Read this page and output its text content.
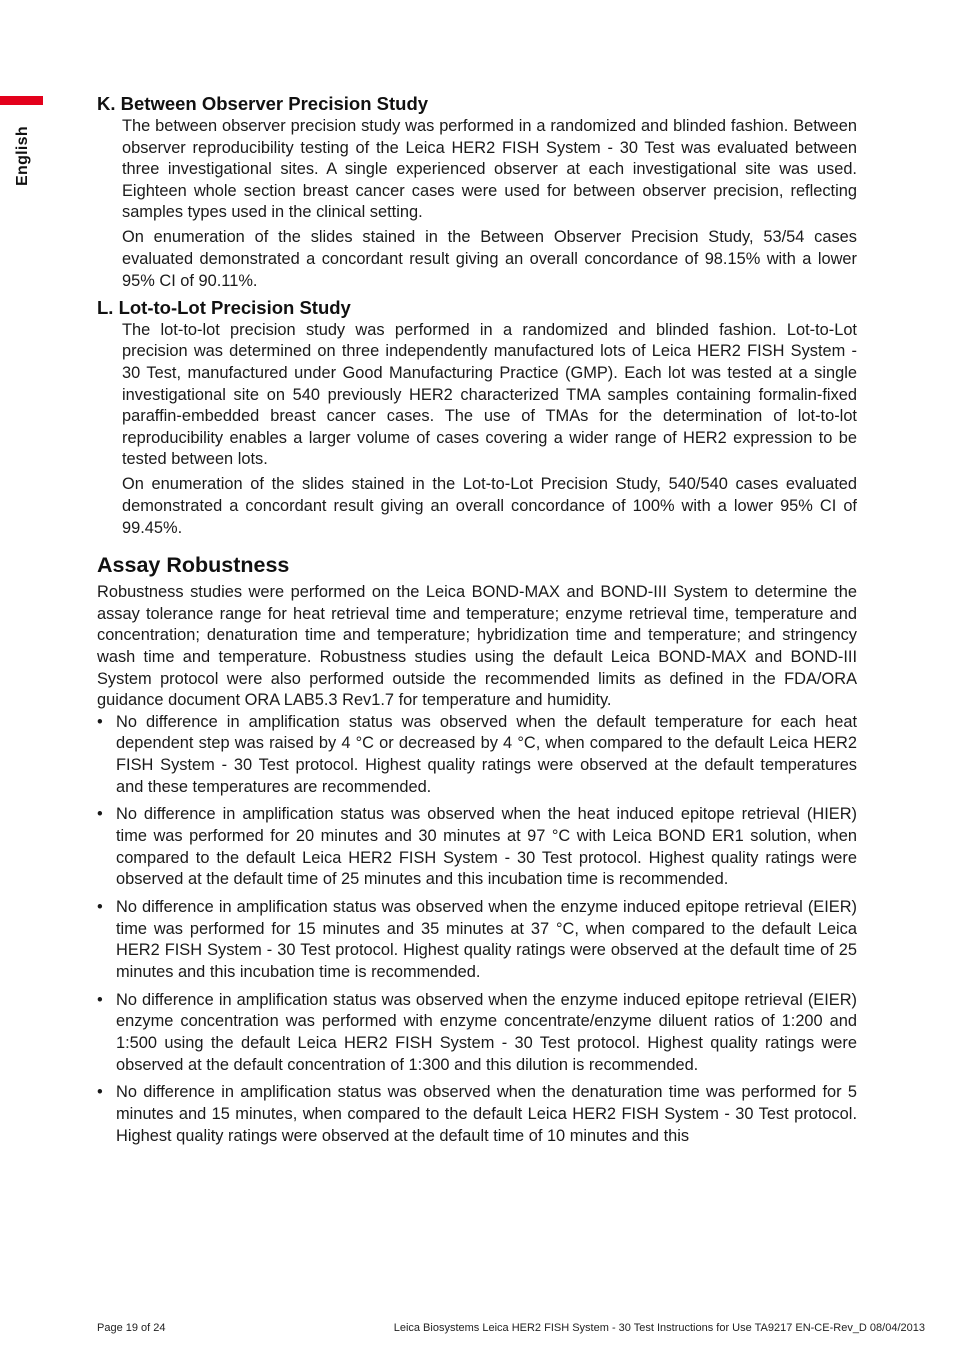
English
K. Between Observer Precision Study

The between observer precision study was performed in a randomized and blinded fashion. Between observer reproducibility testing of the Leica HER2 FISH System - 30 Test was evaluated between three investigational sites. A single experienced observer at each investigational site was used. Eighteen whole section breast cancer cases were used for between observer precision, reflecting samples types used in the clinical setting.

On enumeration of the slides stained in the Between Observer Precision Study, 53/54 cases evaluated demonstrated a concordant result giving an overall concordance of 98.15% with a lower 95% CI of 90.11%.

L. Lot-to-Lot Precision Study

The lot-to-lot precision study was performed in a randomized and blinded fashion. Lot-to-Lot precision was determined on three independently manufactured lots of Leica HER2 FISH System - 30 Test, manufactured under Good Manufacturing Practice (GMP). Each lot was tested at a single investigational site on 540 previously HER2 characterized TMA samples containing formalin-fixed paraffin-embedded breast cancer cases. The use of TMAs for the determination of lot-to-lot reproducibility enables a larger volume of cases covering a wider range of HER2 expression to be tested between lots.

On enumeration of the slides stained in the Lot-to-Lot Precision Study, 540/540 cases evaluated demonstrated a concordant result giving an overall concordance of 100% with a lower 95% CI of 99.45%.

Assay Robustness

Robustness studies were performed on the Leica BOND-MAX and BOND-III System to determine the assay tolerance range for heat retrieval time and temperature; enzyme retrieval time, temperature and concentration; denaturation time and temperature; hybridization time and temperature; and stringency wash time and temperature. Robustness studies using the default Leica BOND-MAX and BOND-III System protocol were also performed outside the recommended limits as defined in the FDA/ORA guidance document ORA LAB5.3 Rev1.7 for temperature and humidity.

• No difference in amplification status was observed when the default temperature for each heat dependent step was raised by 4 °C or decreased by 4 °C, when compared to the default Leica HER2 FISH System - 30 Test protocol. Highest quality ratings were observed at the default temperatures and these temperatures are recommended.
• No difference in amplification status was observed when the heat induced epitope retrieval (HIER) time was performed for 20 minutes and 30 minutes at 97 °C with Leica BOND ER1 solution, when compared to the default Leica HER2 FISH System - 30 Test protocol. Highest quality ratings were observed at the default time of 25 minutes and this incubation time is recommended.
• No difference in amplification status was observed when the enzyme induced epitope retrieval (EIER) time was performed for 15 minutes and 35 minutes at 37 °C, when compared to the default Leica HER2 FISH System - 30 Test protocol. Highest quality ratings were observed at the default time of 25 minutes and this incubation time is recommended.
• No difference in amplification status was observed when the enzyme induced epitope retrieval (EIER) enzyme concentration was performed with enzyme concentrate/enzyme diluent ratios of 1:200 and 1:500 using the default Leica HER2 FISH System - 30 Test protocol. Highest quality ratings were observed at the default concentration of 1:300 and this dilution is recommended.
• No difference in amplification status was observed when the denaturation time was performed for 5 minutes and 15 minutes, when compared to the default Leica HER2 FISH System - 30 Test protocol. Highest quality ratings were observed at the default time of 10 minutes and this
Page 19 of 24	Leica Biosystems Leica HER2 FISH System - 30 Test Instructions for Use TA9217 EN-CE-Rev_D 08/04/2013
